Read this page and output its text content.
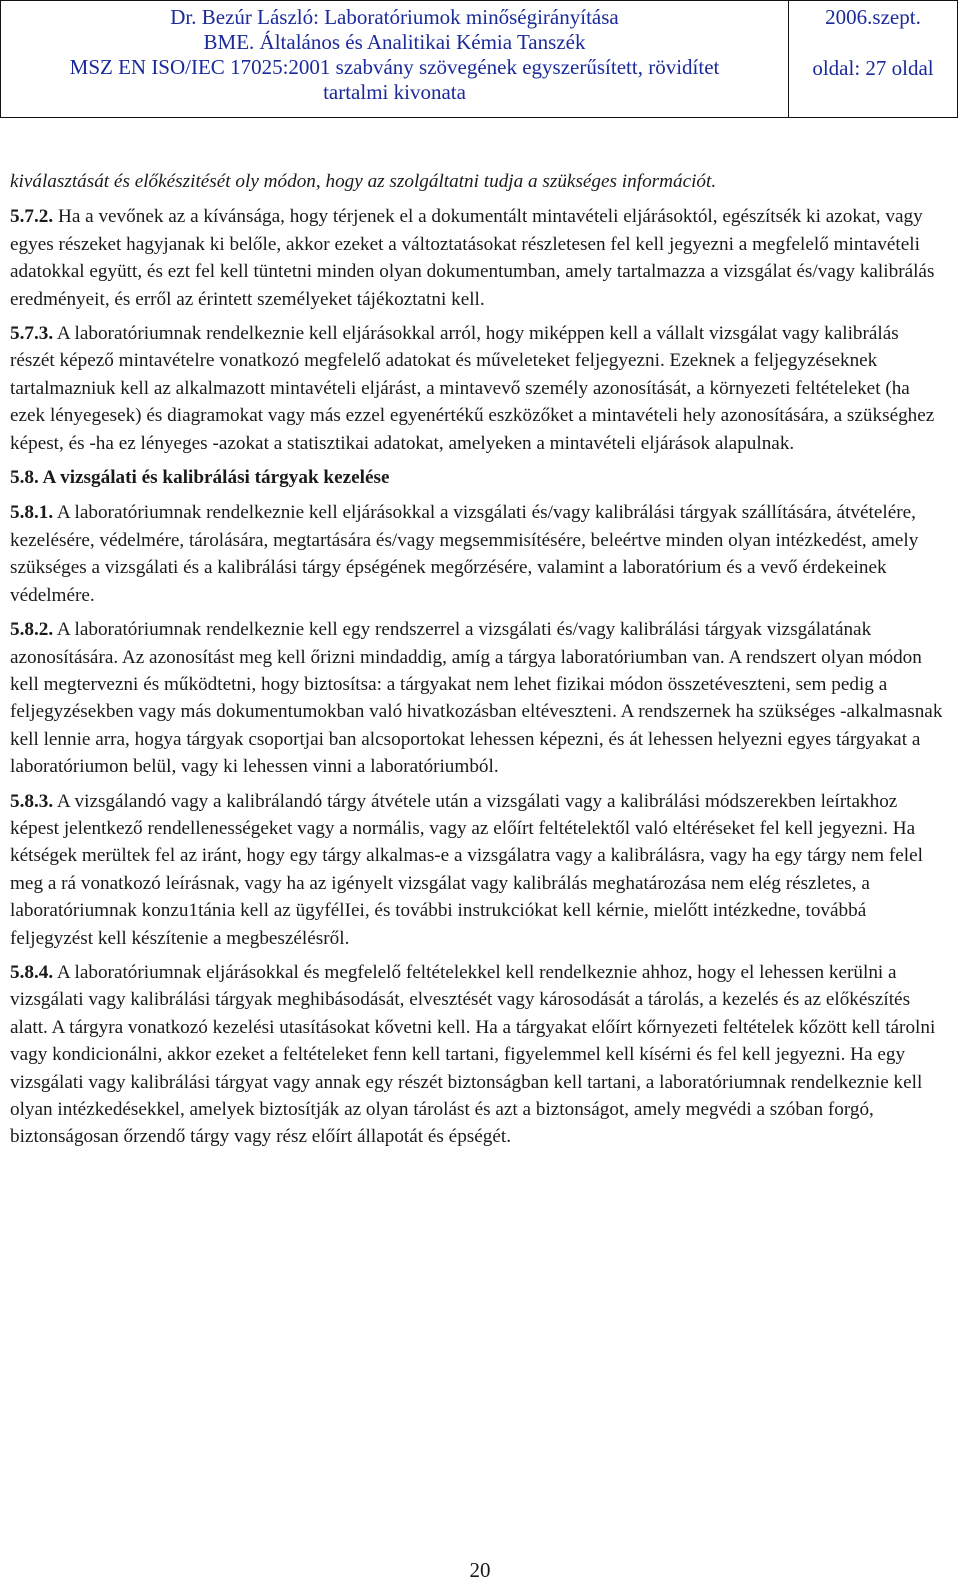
Dr. Bezúr László: Laboratóriumok minőségirányítása
BME. Általános és Analitikai Kémia Tanszék
MSZ EN ISO/IEC 17025:2001 szabvány szövegének egyszerűsített, rövidítet
tartalmi kivonata
2006.szept.
oldal: 27 oldal

kiválasztását és előkészitését oly módon, hogy az szolgáltatni tudja a szükséges információt.

5.7.2. Ha a vevőnek az a kívánsága, hogy térjenek el a dokumentált mintavételi eljárásoktól, egészítsék ki azokat, vagy egyes részeket hagyjanak ki belőle, akkor ezeket a változtatásokat részletesen fel kell jegyezni a megfelelő mintavételi adatokkal együtt, és ezt fel kell tüntetni minden olyan dokumentumban, amely tartalmazza a vizsgálat és/vagy kalibrálás eredményeit, és erről az érintett személyeket tájékoztatni kell.

5.7.3. A laboratóriumnak rendelkeznie kell eljárásokkal arról, hogy miképpen kell a vállalt vizsgálat vagy kalibrálás részét képező mintavételre vonatkozó megfelelő adatokat és műveleteket feljegyezni. Ezeknek a feljegyzéseknek tartalmazniuk kell az alkalmazott mintavételi eljárást, a mintavevő személy azonosítását, a környezeti feltételeket (ha ezek lényegesek) és diagramokat vagy más ezzel egyenértékű eszközőket a mintavételi hely azonosítására, a szükséghez képest, és -ha ez lényeges -azokat a statisztikai adatokat, amelyeken a mintavételi eljárások alapulnak.

5.8. A vizsgálati és kalibrálási tárgyak kezelése

5.8.1. A laboratóriumnak rendelkeznie kell eljárásokkal a vizsgálati és/vagy kalibrálási tárgyak szállítására, átvételére, kezelésére, védelmére, tárolására, megtartására és/vagy megsemmisítésére, beleértve minden olyan intézkedést, amely szükséges a vizsgálati és a kalibrálási tárgy épségének megőrzésére, valamint a laboratórium és a vevő érdekeinek védelmére.

5.8.2. A laboratóriumnak rendelkeznie kell egy rendszerrel a vizsgálati és/vagy kalibrálási tárgyak vizsgálatának azonosítására. Az azonosítást meg kell őrizni mindaddig, amíg a tárgya laboratóriumban van. A rendszert olyan módon kell megtervezni és működtetni, hogy biztosítsa: a tárgyakat nem lehet fizikai módon összetéveszteni, sem pedig a feljegyzésekben vagy más dokumentumokban való hivatkozásban eltéveszteni. A rendszernek ha szükséges -alkalmasnak kell lennie arra, hogya tárgyak csoportjai ban alcsoportokat lehessen képezni, és át lehessen helyezni egyes tárgyakat a laboratóriumon belül, vagy ki lehessen vinni a laboratóriumból.

5.8.3. A vizsgálandó vagy a kalibrálandó tárgy átvétele után a vizsgálati vagy a kalibrálási módszerekben leírtakhoz képest jelentkező rendellenességeket vagy a normális, vagy az előírt feltételektől való eltéréseket fel kell jegyezni. Ha kétségek merültek fel az iránt, hogy egy tárgy alkalmas-e a vizsgálatra vagy a kalibrálásra, vagy ha egy tárgy nem felel meg a rá vonatkozó leírásnak, vagy ha az igényelt vizsgálat vagy kalibrálás meghatározása nem elég részletes, a laboratóriumnak konzu1tánia kell az ügyfélIei, és további instrukciókat kell kérnie, mielőtt intézkedne, továbbá feljegyzést kell készítenie a megbeszélésről.

5.8.4. A laboratóriumnak eljárásokkal és megfelelő feltételekkel kell rendelkeznie ahhoz, hogy el lehessen kerülni a vizsgálati vagy kalibrálási tárgyak meghibásodását, elvesztését vagy károsodását a tárolás, a kezelés és az előkészítés alatt. A tárgyra vonatkozó kezelési utasításokat kővetni kell. Ha a tárgyakat előírt kőrnyezeti feltételek kőzött kell tárolni vagy kondicionálni, akkor ezeket a feltételeket fenn kell tartani, figyelemmel kell kísérni és fel kell jegyezni. Ha egy vizsgálati vagy kalibrálási tárgyat vagy annak egy részét biztonságban kell tartani, a laboratóriumnak rendelkeznie kell olyan intézkedésekkel, amelyek biztosítják az olyan tárolást és azt a biztonságot, amely megvédi a szóban forgó, biztonságosan őrzendő tárgy vagy rész előírt állapotát és épségét.

20
